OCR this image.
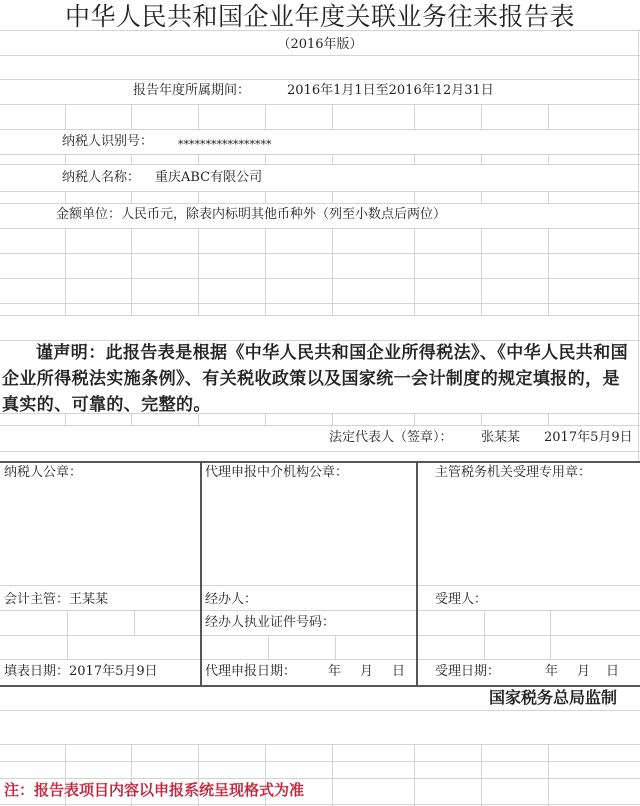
中华人民共和国企业年度关联业务往来报告表
（2016年版）
报告年度所属期间：	2016年1月1日至2016年12月31日
纳税人识别号： *****************
纳税人名称： 重庆ABC有限公司
金额单位：人民币元，除表内标明其他币种外（列至小数点后两位）
谨声明：此报告表是根据《中华人民共和国企业所得税法》、《中华人民共和国企业所得税法实施条例》、有关税收政策以及国家统一会计制度的规定填报的，是真实的、可靠的、完整的。
法定代表人（签章）： 张某某 2017年5月9日
纳税人公章：
会计主管：王某某
填表日期：2017年5月9日
代理申报中介机构公章：
经办人：
经办人执业证件号码：
代理申报日期： 年 月 日
主管税务机关受理专用章：
受理人：
受理日期：	年 月 日
国家税务总局监制
注：报告表项目内容以申报系统呈现格式为准
